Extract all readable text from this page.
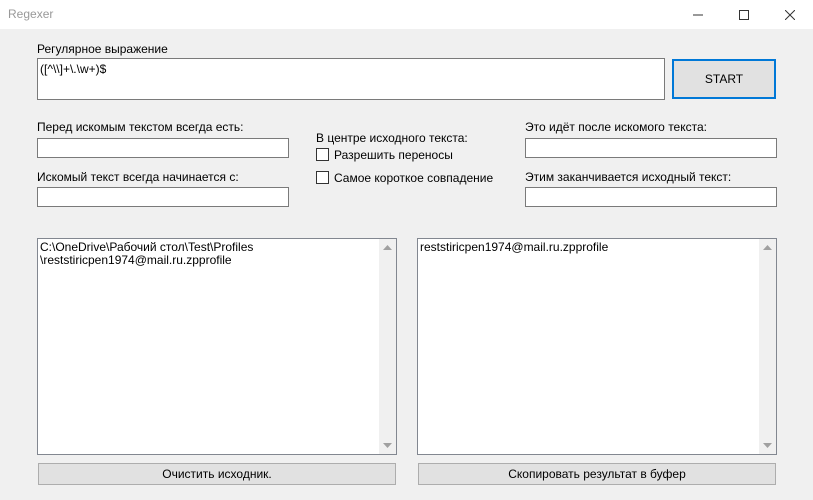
Regexer
Регулярное выражение
([^\\]+\.\w+)$
START
Перед искомым текстом всегда есть:
Искомый текст всегда начинается с:
В центре исходного текста:
Разрешить переносы
Самое короткое совпадение
Это идёт после искомого текста:
Этим заканчивается исходный текст:
C:\OneDrive\Рабочий стол\Test\Profiles
\reststiricpen1974@mail.ru.zpprofile
reststiricpen1974@mail.ru.zpprofile
Очистить исходник.	Скопировать результат в буфер
